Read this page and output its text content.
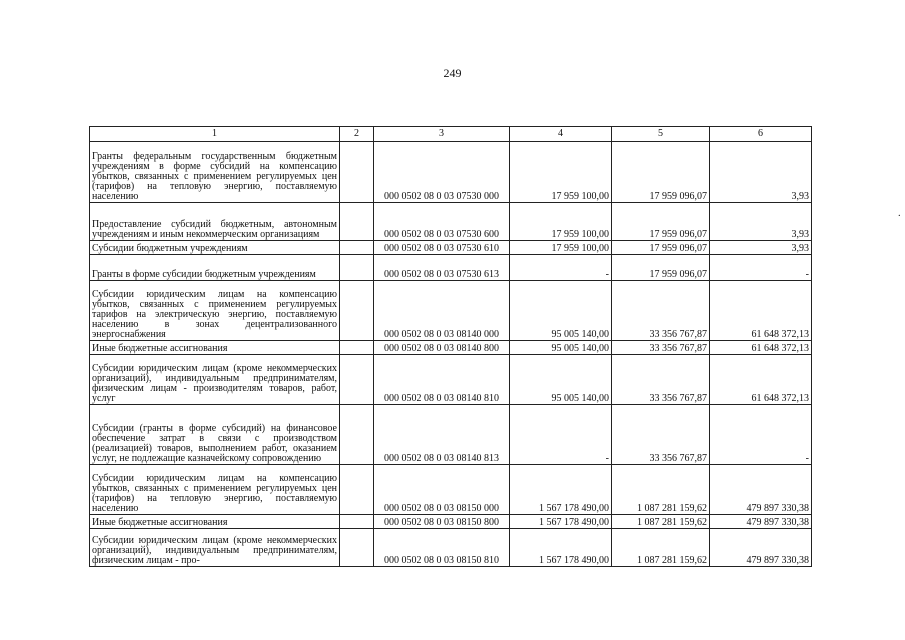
249
1	2	3	4	5	6
Гранты федеральным государственным бюджетным учреждениям в форме субсидий на компенсацию убытков, связанных с применением регулируемых цен (тарифов) на тепловую энергию, поставляемую населению		000 0502 08 0 03 07530 000	17 959 100,00	17 959 096,07	3,93
Предоставление субсидий бюджетным, автономным учреждениям и иным некоммерческим организациям		000 0502 08 0 03 07530 600	17 959 100,00	17 959 096,07	3,93
Субсидии бюджетным учреждениям		000 0502 08 0 03 07530 610	17 959 100,00	17 959 096,07	3,93
Гранты в форме субсидии бюджетным учреждениям		000 0502 08 0 03 07530 613	-	17 959 096,07	-
Субсидии юридическим лицам на компенсацию убытков, связанных с применением регулируемых тарифов на электрическую энергию, поставляемую населению в зонах децентрализованного энергоснабжения		000 0502 08 0 03 08140 000	95 005 140,00	33 356 767,87	61 648 372,13
Иные бюджетные ассигнования		000 0502 08 0 03 08140 800	95 005 140,00	33 356 767,87	61 648 372,13
Субсидии юридическим лицам (кроме некоммерческих организаций), индивидуальным предпринимателям, физическим лицам - производителям товаров, работ, услуг		000 0502 08 0 03 08140 810	95 005 140,00	33 356 767,87	61 648 372,13
Субсидии (гранты в форме субсидий) на финансовое обеспечение затрат в связи с производством (реализацией) товаров, выполнением работ, оказанием услуг, не подлежащие казначейскому сопровождению		000 0502 08 0 03 08140 813	-	33 356 767,87	-
Субсидии юридическим лицам на компенсацию убытков, связанных с применением регулируемых цен (тарифов) на тепловую энергию, поставляемую населению		000 0502 08 0 03 08150 000	1 567 178 490,00	1 087 281 159,62	479 897 330,38
Иные бюджетные ассигнования		000 0502 08 0 03 08150 800	1 567 178 490,00	1 087 281 159,62	479 897 330,38
Субсидии юридическим лицам (кроме некоммерческих организаций), индивидуальным предпринимателям, физическим лицам - про-		000 0502 08 0 03 08150 810	1 567 178 490,00	1 087 281 159,62	479 897 330,38
·
